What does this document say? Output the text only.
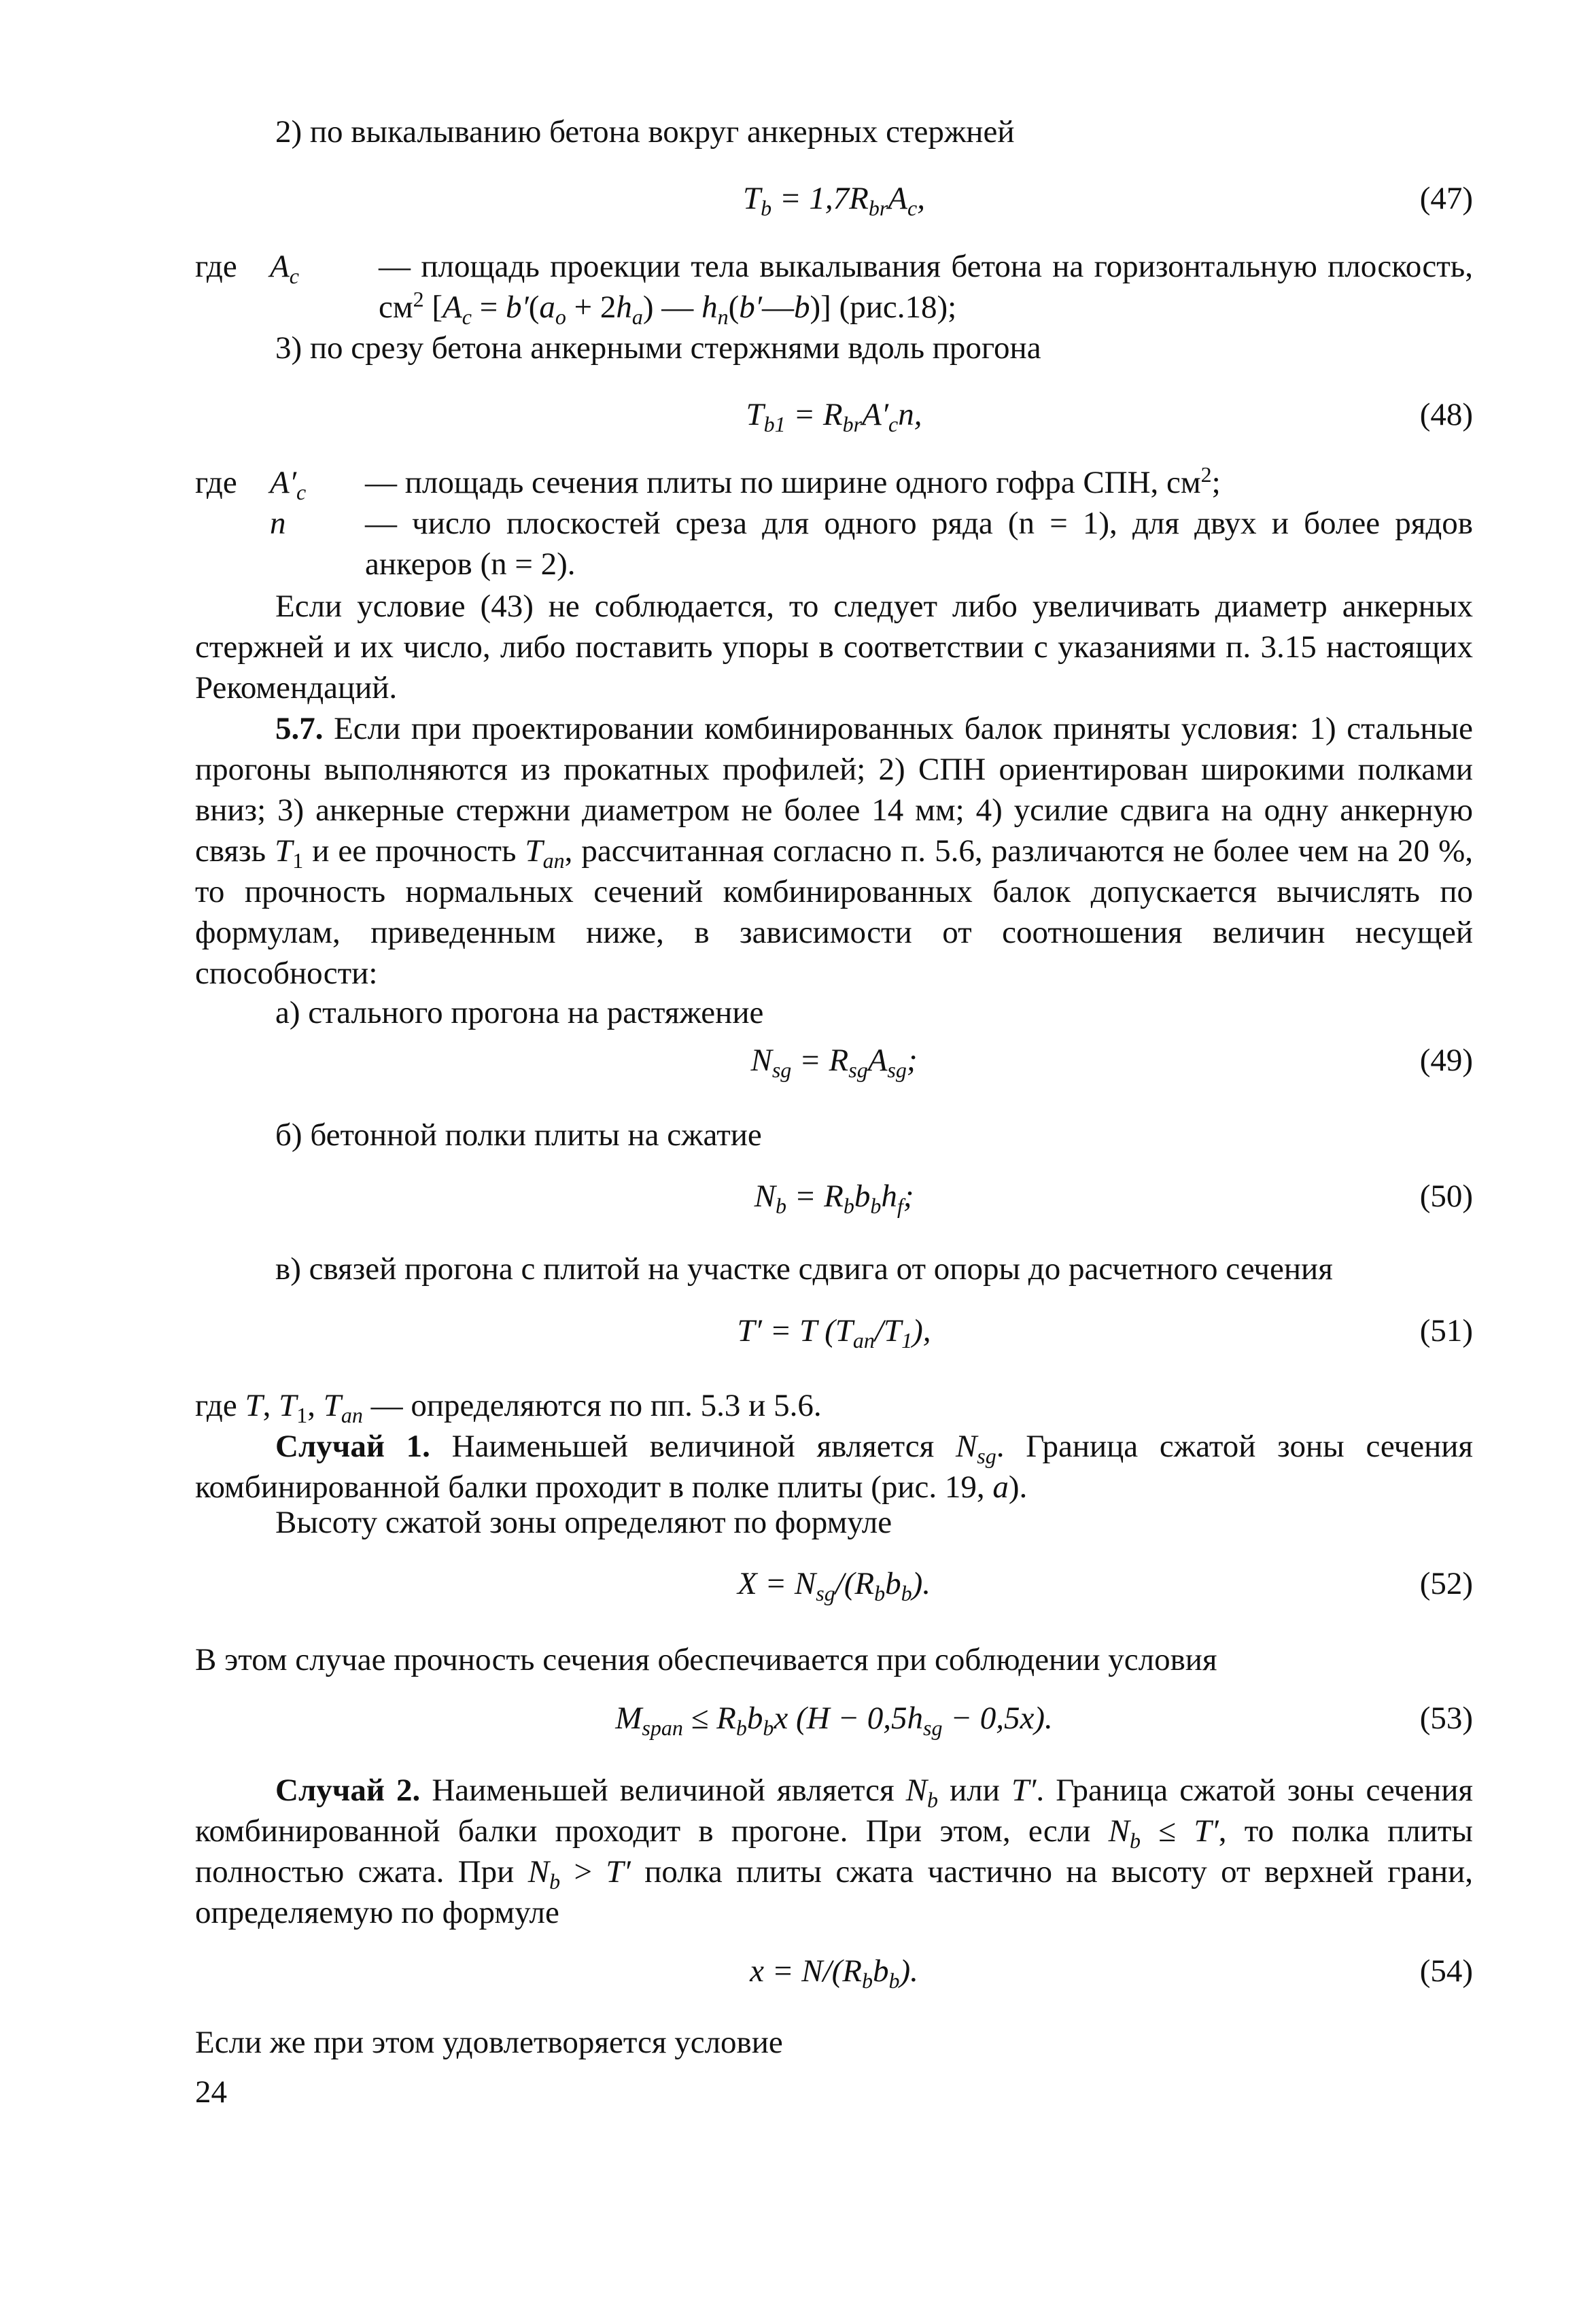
2) по выкалыванию бетона вокруг анкерных стержней
$T_b = 1,7R_{br}A_c$,	(47)
где $A_c$ — площадь проекции тела выкалывания бетона на горизонтальную плоскость, $см^2$ [$A_c = b'(a_o + 2h_a)$ — $h_n(b'—b)$] (рис.18);
3) по срезу бетона анкерными стержнями вдоль прогона
$T_{b1} = R_{br}A'_cn$,	(48)
где $A'_c$ — площадь сечения плиты по ширине одного гофра СПН, $см^2$;
n — число плоскостей среза для одного ряда (n = 1), для двух и более рядов анкеров (n = 2).
Если условие (43) не соблюдается, то следует либо увеличивать диаметр анкерных стержней и их число, либо поставить упоры в соответствии с указаниями п. 3.15 настоящих Рекомендаций.
5.7. Если при проектировании комбинированных балок приняты условия: 1) стальные прогоны выполняются из прокатных профилей; 2) СПН ориентирован широкими полками вниз; 3) анкерные стержни диаметром не более 14 мм; 4) усилие сдвига на одну анкерную связь $T_1$ и ее прочность $T_{an}$, рассчитанная согласно п. 5.6, различаются не более чем на 20 %, то прочность нормальных сечений комбинированных балок допускается вычислять по формулам, приведенным ниже, в зависимости от соотношения величин несущей способности:
а) стального прогона на растяжение
$N_{sg} = R_{sg}A_{sg}$;	(49)
б) бетонной полки плиты на сжатие
$N_b = R_bb_bh_f$;	(50)
в) связей прогона с плитой на участке сдвига от опоры до расчетного сечения
T′ = T $(T_{an}/T_1)$,	(51)
где T, $T_1$, $T_{an}$ — определяются по пп. 5.3 и 5.6.
Случай 1. Наименьшей величиной является $N_{sg}$. Граница сжатой зоны сечения комбинированной балки проходит в полке плиты (рис. 19, a).
Высоту сжатой зоны определяют по формуле
$X = N_{sg}/(R_bb_b)$.	(52)
В этом случае прочность сечения обеспечивается при соблюдении условия
$M_{span} \le R_bb_bx$ $(H - 0,5h_{sg} - 0,5x)$.	(53)
Случай 2. Наименьшей величиной является $N_b$ или T′. Граница сжатой зоны сечения комбинированной балки проходит в прогоне. При этом, если $N_b \le T'$, то полка плиты полностью сжата. При $N_b > T'$ полка плиты сжата частично на высоту от верхней грани, определяемую по формуле
$x = N/(R_bb_b)$.	(54)
Если же при этом удовлетворяется условие
24
